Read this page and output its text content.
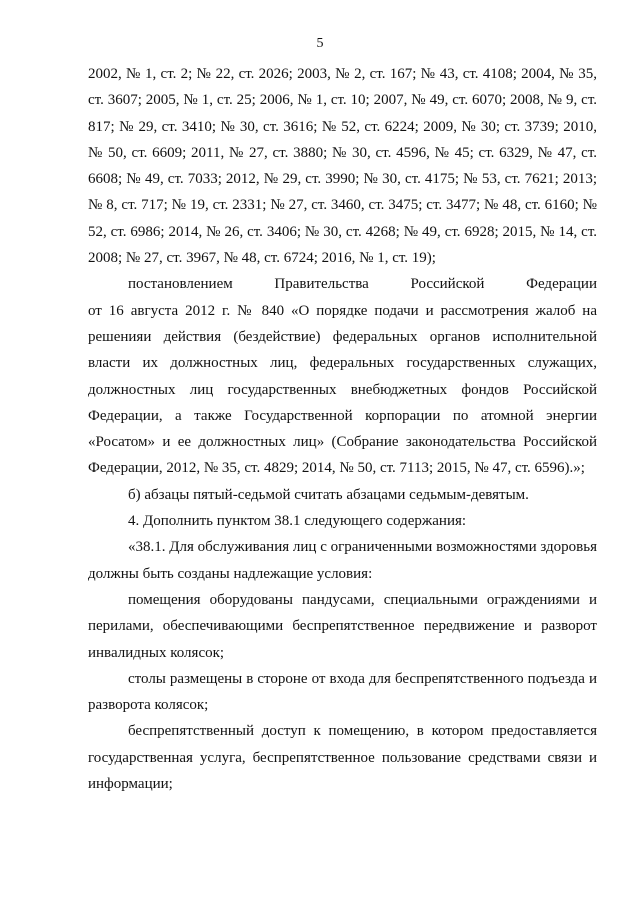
5

2002, № 1, ст. 2; № 22, ст. 2026; 2003, № 2, ст. 167; № 43, ст. 4108; 2004, № 35, ст. 3607; 2005, № 1, ст. 25; 2006, № 1, ст. 10; 2007, № 49, ст. 6070; 2008, № 9, ст. 817; № 29, ст. 3410; № 30, ст. 3616; № 52, ст. 6224; 2009, № 30; ст. 3739; 2010, № 50, ст. 6609; 2011, № 27, ст. 3880; № 30, ст. 4596, № 45; ст. 6329, № 47, ст. 6608; № 49, ст. 7033; 2012, № 29, ст. 3990; № 30, ст. 4175; № 53, ст. 7621; 2013; № 8, ст. 717; № 19, ст. 2331; № 27, ст. 3460, ст. 3475; ст. 3477; № 48, ст. 6160; № 52, ст. 6986; 2014, № 26, ст. 3406; № 30, ст. 4268; № 49, ст. 6928; 2015, № 14, ст. 2008; № 27, ст. 3967, № 48, ст. 6724; 2016, № 1, ст. 19);

постановлением	Правительства	Российской	Федерации

от 16 августа 2012 г. № 840 «О порядке подачи и рассмотрения жалоб на решенияи действия (бездействие) федеральных органов исполнительной власти их должностных лиц, федеральных государственных служащих, должностных лиц государственных внебюджетных фондов Российской Федерации, а также Государственной корпорации по атомной энергии «Росатом» и ее должностных лиц» (Собрание законодательства Российской Федерации, 2012, № 35, ст. 4829; 2014, № 50, ст. 7113; 2015, № 47, ст. 6596).»;

б) абзацы пятый-седьмой считать абзацами седьмым-девятым.

4. Дополнить пунктом 38.1 следующего содержания:

«38.1. Для обслуживания лиц с ограниченными возможностями здоровья должны быть созданы надлежащие условия:

помещения оборудованы пандусами, специальными ограждениями и перилами, обеспечивающими беспрепятственное передвижение и разворот инвалидных колясок;

столы размещены в стороне от входа для беспрепятственного подъезда и разворота колясок;

беспрепятственный доступ к помещению, в котором предоставляется государственная услуга, беспрепятственное пользование средствами связи и информации;
